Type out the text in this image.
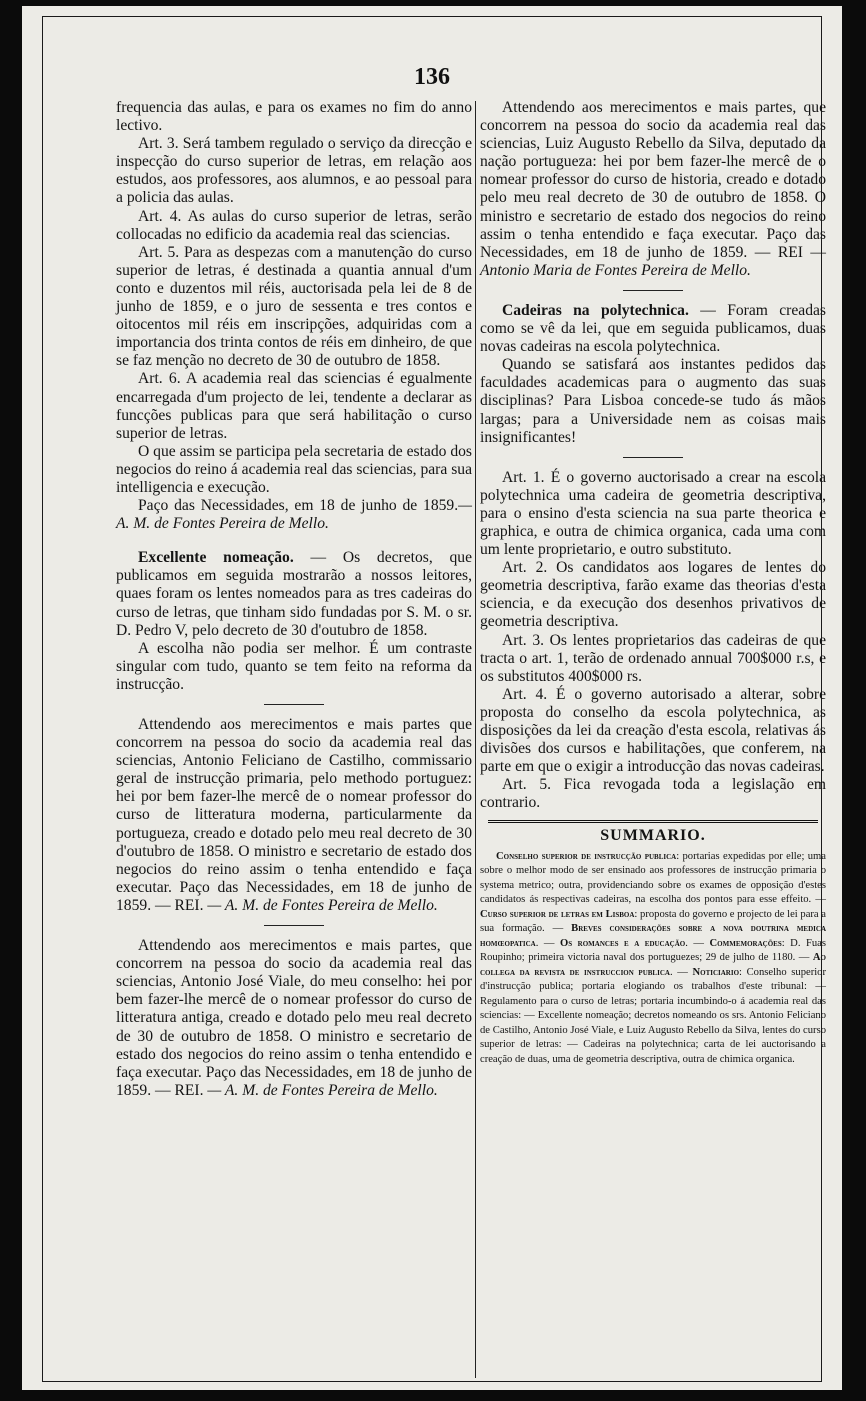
136

frequencia das aulas, e para os exames no fim do anno lectivo.

Art. 3. Será tambem regulado o serviço da direcção e inspecção do curso superior de letras, em relação aos estudos, aos professores, aos alumnos, e ao pessoal para a policia das aulas.

Art. 4. As aulas do curso superior de letras, serão collocadas no edificio da academia real das sciencias.

Art. 5. Para as despezas com a manutenção do curso superior de letras, é destinada a quantia annual d'um conto e duzentos mil réis, auctorisada pela lei de 8 de junho de 1859, e o juro de sessenta e tres contos e oitocentos mil réis em inscripções, adquiridas com a importancia dos trinta contos de réis em dinheiro, de que se faz menção no decreto de 30 de outubro de 1858.

Art. 6. A academia real das sciencias é egualmente encarregada d'um projecto de lei, tendente a declarar as funcções publicas para que será habilitação o curso superior de letras.

O que assim se participa pela secretaria de estado dos negocios do reino á academia real das sciencias, para sua intelligencia e execução.

Paço das Necessidades, em 18 de junho de 1859.— A. M. de Fontes Pereira de Mello.

Excellente nomeação. — Os decretos, que publicamos em seguida mostrarão a nossos leitores, quaes foram os lentes nomeados para as tres cadeiras do curso de letras, que tinham sido fundadas por S. M. o sr. D. Pedro V, pelo decreto de 30 d'outubro de 1858.

A escolha não podia ser melhor. É um contraste singular com tudo, quanto se tem feito na reforma da instrucção.

Attendendo aos merecimentos e mais partes que concorrem na pessoa do socio da academia real das sciencias, Antonio Feliciano de Castilho, commissario geral de instrucção primaria, pelo methodo portuguez: hei por bem fazer-lhe mercê de o nomear professor do curso de litteratura moderna, particularmente da portugueza, creado e dotado pelo meu real decreto de 30 d'outubro de 1858. O ministro e secretario de estado dos negocios do reino assim o tenha entendido e faça executar. Paço das Necessidades, em 18 de junho de 1859. — REI. — A. M. de Fontes Pereira de Mello.

Attendendo aos merecimentos e mais partes, que concorrem na pessoa do socio da academia real das sciencias, Antonio José Viale, do meu conselho: hei por bem fazer-lhe mercê de o nomear professor do curso de litteratura antiga, creado e dotado pelo meu real decreto de 30 de outubro de 1858. O ministro e secretario de estado dos negocios do reino assim o tenha entendido e faça executar. Paço das Necessidades, em 18 de junho de 1859. — REI. — A. M. de Fontes Pereira de Mello.

Attendendo aos merecimentos e mais partes, que concorrem na pessoa do socio da academia real das sciencias, Luiz Augusto Rebello da Silva, deputado da nação portugueza: hei por bem fazer-lhe mercê de o nomear professor do curso de historia, creado e dotado pelo meu real decreto de 30 de outubro de 1858. O ministro e secretario de estado dos negocios do reino assim o tenha entendido e faça executar. Paço das Necessidades, em 18 de junho de 1859. — REI — Antonio Maria de Fontes Pereira de Mello.

Cadeiras na polytechnica. — Foram creadas como se vê da lei, que em seguida publicamos, duas novas cadeiras na escola polytechnica.

Quando se satisfará aos instantes pedidos das faculdades academicas para o augmento das suas disciplinas? Para Lisboa concede-se tudo ás mãos largas; para a Universidade nem as coisas mais insignificantes!

Art. 1. É o governo auctorisado a crear na escola polytechnica uma cadeira de geometria descriptiva, para o ensino d'esta sciencia na sua parte theorica e graphica, e outra de chimica organica, cada uma com um lente proprietario, e outro substituto.

Art. 2. Os candidatos aos logares de lentes do geometria descriptiva, farão exame das theorias d'esta sciencia, e da execução dos desenhos privativos de geometria descriptiva.

Art. 3. Os lentes proprietarios das cadeiras de que tracta o art. 1, terão de ordenado annual 700$000 r.s, e os substitutos 400$000 rs.

Art. 4. É o governo autorisado a alterar, sobre proposta do conselho da escola polytechnica, as disposições da lei da creação d'esta escola, relativas ás divisões dos cursos e habilitações, que conferem, na parte em que o exigir a introducção das novas cadeiras.

Art. 5. Fica revogada toda a legislação em contrario.

SUMMARIO.

Conselho superior de instrucção publica: portarias expedidas por elle; uma sobre o melhor modo de ser ensinado aos professores de instrucção primaria o systema metrico; outra, providenciando sobre os exames de opposição d'estes candidatos ás respectivas cadeiras, na escolha dos pontos para esse effeito. — Curso superior de letras em Lisboa: proposta do governo e projecto de lei para a sua formação. — Breves considerações sobre a nova doutrina medica homœopatica. — Os romances e a educação. — Commemorações: D. Fuas Roupinho; primeira victoria naval dos portuguezes; 29 de julho de 1180. — Ao collega da revista de instruccion publica. — Noticiario: Conselho superior d'instrucção publica; portaria elogiando os trabalhos d'este tribunal: — Regulamento para o curso de letras; portaria incumbindo-o á academia real das sciencias: — Excellente nomeação; decretos nomeando os srs. Antonio Feliciano de Castilho, Antonio José Viale, e Luiz Augusto Rebello da Silva, lentes do curso superior de letras: — Cadeiras na polytechnica; carta de lei auctorisando a creação de duas, uma de geometria descriptiva, outra de chimica organica.
